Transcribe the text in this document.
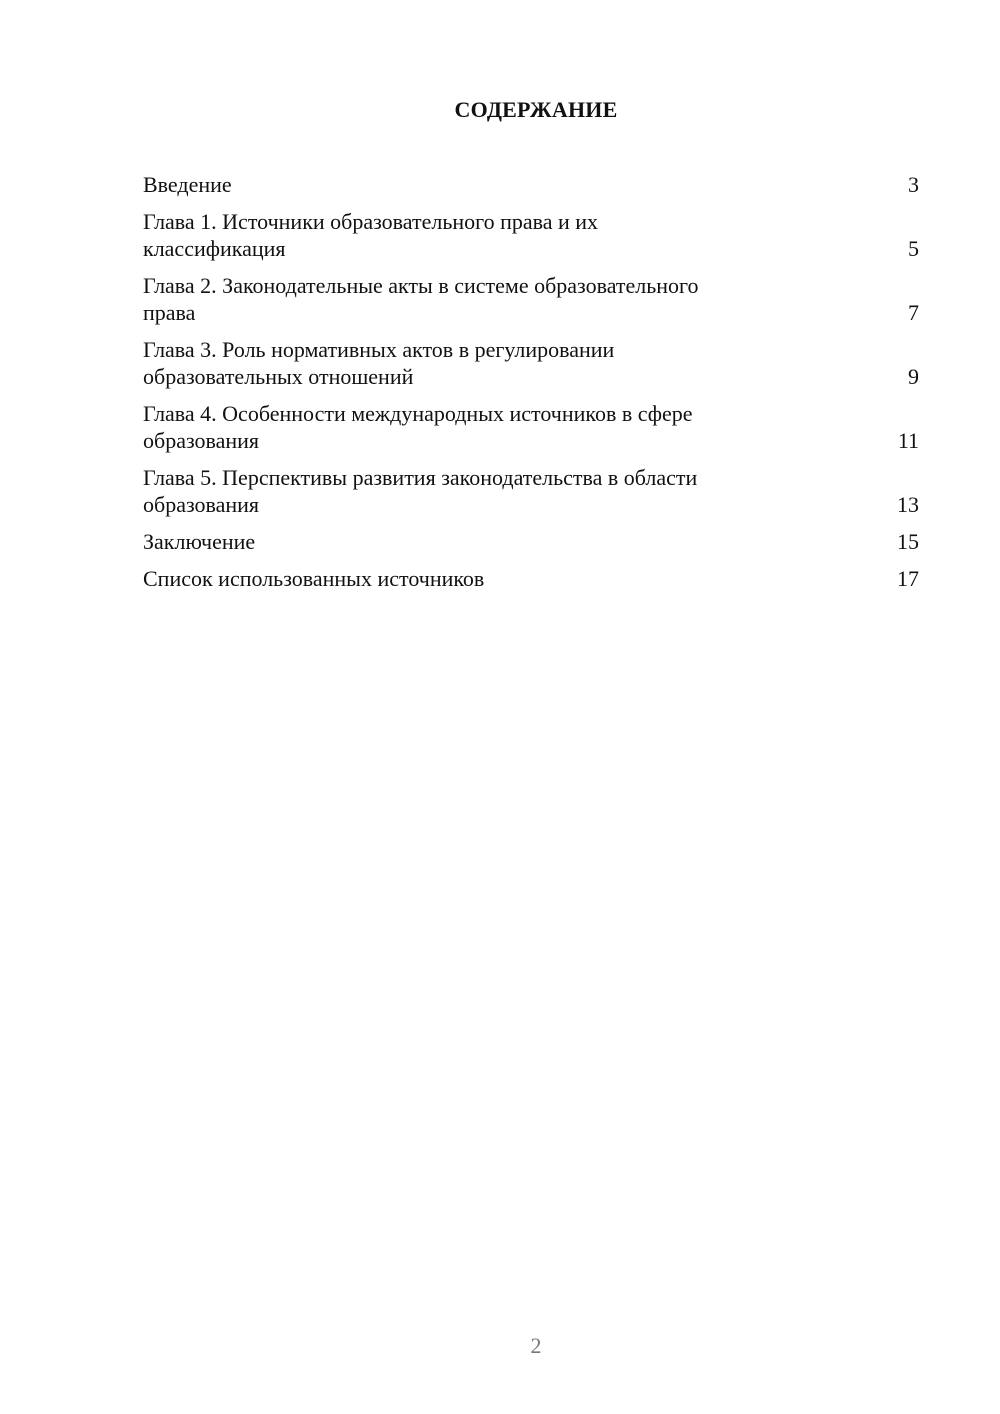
СОДЕРЖАНИЕ
Введение	3
Глава 1. Источники образовательного права и их
классификация	5
Глава 2. Законодательные акты в системе образовательного
права	7
Глава 3. Роль нормативных актов в регулировании
образовательных отношений	9
Глава 4. Особенности международных источников в сфере
образования	11
Глава 5. Перспективы развития законодательства в области
образования	13
Заключение	15
Список использованных источников	17
2
